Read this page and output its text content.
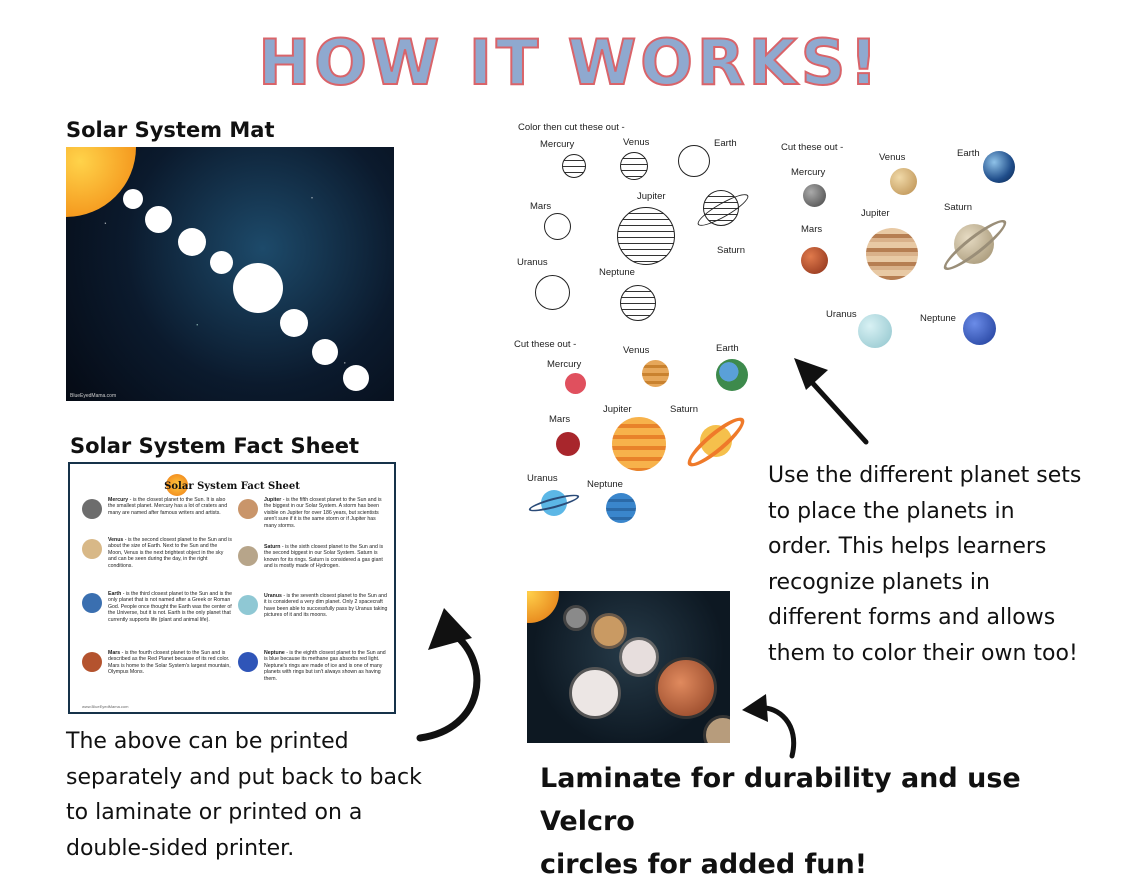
HOW IT WORKS!
Solar System Mat
BlueEyedMama.com
Solar System Fact Sheet
Solar System Fact Sheet
Mercury - is the closest planet to the Sun. It is also the smallest planet. Mercury has a lot of craters and many are named after famous writers and artists.
Jupiter - is the fifth closest planet to the Sun and is the biggest in our Solar System. A storm has been visible on Jupiter for over 186 years, but scientists aren't sure if it is the same storm or if Jupiter has many storms.
Venus - is the second closest planet to the Sun and is about the size of Earth. Next to the Sun and the Moon, Venus is the next brightest object in the sky and can be seen during the day, in the right conditions.
Saturn - is the sixth closest planet to the Sun and is the second biggest in our Solar System. Saturn is known for its rings. Saturn is considered a gas giant and is mostly made of Hydrogen.
Earth - is the third closest planet to the Sun and is the only planet that is not named after a Greek or Roman God. People once thought the Earth was the center of the Universe, but it is not. Earth is the only planet that currently supports life (plant and animal life).
Uranus - is the seventh closest planet to the Sun and it is considered a very dim planet. Only 2 spacecraft have been able to successfully pass by Uranus taking pictures of it and its moons.
Mars - is the fourth closest planet to the Sun and is described as the Red Planet because of its red color. Mars is home to the Solar System's largest mountain, Olympus Mons.
Neptune - is the eighth closest planet to the Sun and is blue because its methane gas absorbs red light. Neptune's rings are made of ice and is one of many planets with rings but isn't always shown as having them.
www.BlueEyedMama.com
Color then cut these out -
Mercury	Venus	Earth
Mars
Jupiter
Saturn
Uranus
Neptune
Cut these out -
Mercury
Venus	Earth
Jupiter
Saturn
Mars
Uranus	Neptune
Cut these out -
Mercury
Venus	Earth
Mars
Jupiter	Saturn
Uranus
Neptune	Use the different planet sets
to place the planets in
order. This helps learners
recognize planets in
different forms and allows
them to color their own too!
The above can be printed
separately and put back to back
to laminate or printed on a
double-sided printer.
Laminate for durability and use Velcro
circles for added fun!
